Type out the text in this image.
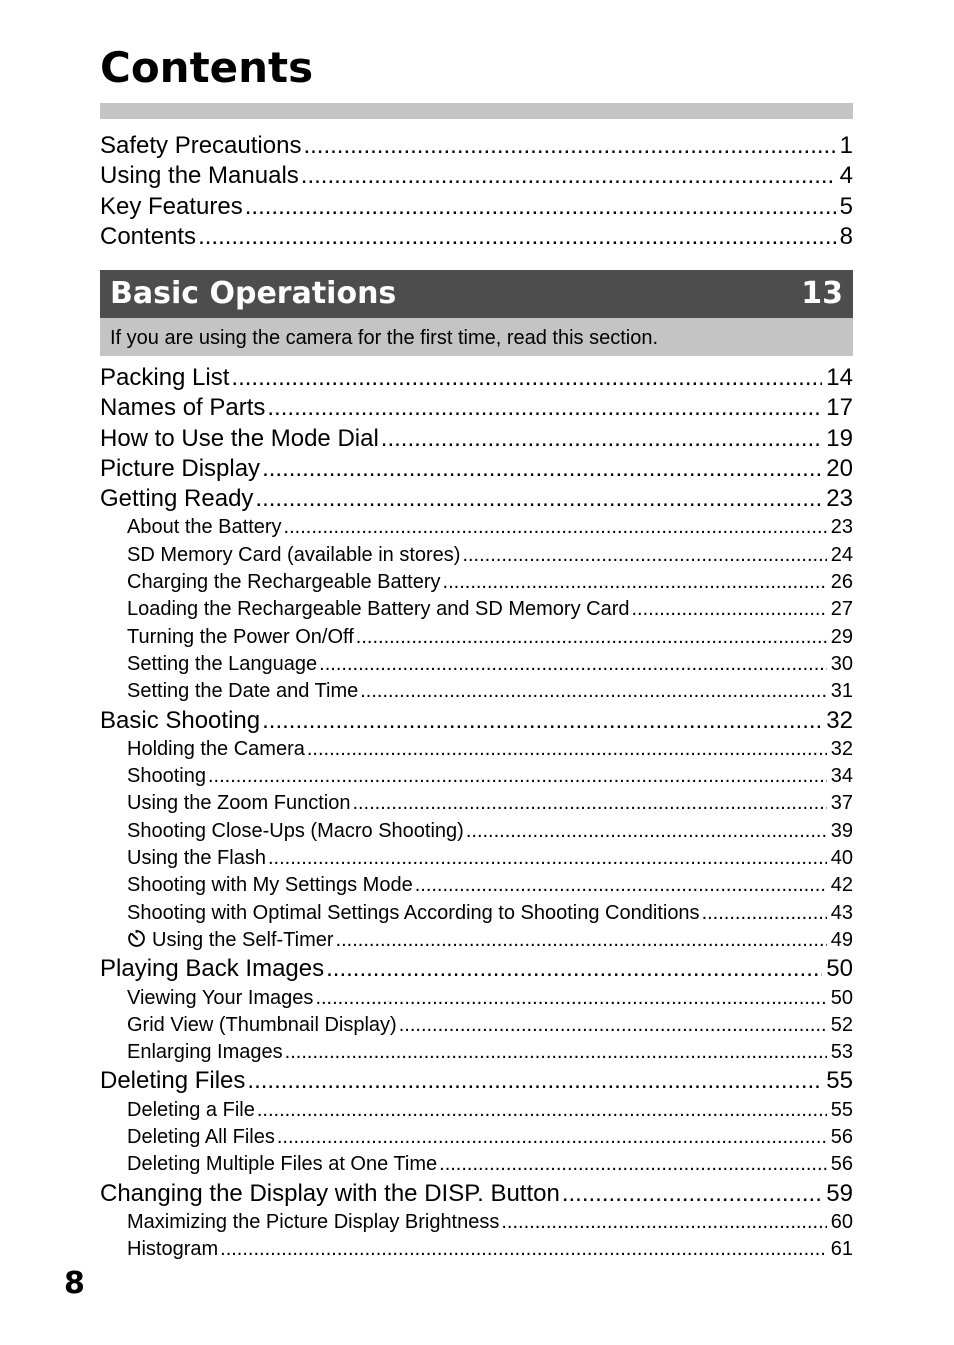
Contents
Safety Precautions .....	1
Using the Manuals .....	4
Key Features .....	5
Contents .....	8
Basic Operations	13
If you are using the camera for the first time, read this section.
Packing List .....	14
Names of Parts .....	17
How to Use the Mode Dial .....	19
Picture Display .....	20
Getting Ready .....	23
About the Battery .....	23
SD Memory Card (available in stores) .....	24
Charging the Rechargeable Battery .....	26
Loading the Rechargeable Battery and SD Memory Card .....	27
Turning the Power On/Off .....	29
Setting the Language .....	30
Setting the Date and Time .....	31
Basic Shooting .....	32
Holding the Camera .....	32
Shooting .....	34
Using the Zoom Function .....	37
Shooting Close-Ups (Macro Shooting) .....	39
Using the Flash .....	40
Shooting with My Settings Mode .....	42
Shooting with Optimal Settings According to Shooting Conditions .....	43
Using the Self-Timer .....	49
Playing Back Images .....	50
Viewing Your Images .....	50
Grid View (Thumbnail Display) .....	52
Enlarging Images .....	53
Deleting Files .....	55
Deleting a File .....	55
Deleting All Files .....	56
Deleting Multiple Files at One Time .....	56
Changing the Display with the DISP. Button .....	59
Maximizing the Picture Display Brightness .....	60
Histogram .....	61
8
